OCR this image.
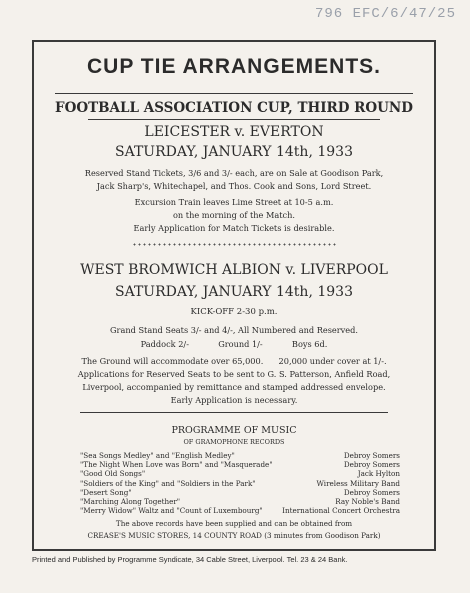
796 EFC/6/47/25
CUP TIE ARRANGEMENTS.
FOOTBALL ASSOCIATION CUP, THIRD ROUND
LEICESTER v. EVERTON
SATURDAY, JANUARY 14th, 1933
Reserved Stand Tickets, 3/6 and 3/- each, are on Sale at Goodison Park,
Jack Sharp's, Whitechapel, and Thos. Cook and Sons, Lord Street.
Excursion Train leaves Lime Street at 10-5 a.m.
on the morning of the Match.
Early Application for Match Tickets is desirable.
WEST BROMWICH ALBION v. LIVERPOOL
SATURDAY, JANUARY 14th, 1933
KICK-OFF 2-30 p.m.
Grand Stand Seats 3/- and 4/-, All Numbered and Reserved.
Paddock 2/-	Ground 1/-	Boys 6d.
The Ground will accommodate over 65,000. 20,000 under cover at 1/-.
Applications for Reserved Seats to be sent to G. S. Patterson, Anfield Road,
Liverpool, accompanied by remittance and stamped addressed envelope.
Early Application is necessary.
PROGRAMME OF MUSIC
OF GRAMOPHONE RECORDS
"Sea Songs Medley" and "English Medley"	Debroy Somers
"The Night When Love was Born" and "Masquerade"	Debroy Somers
"Good Old Songs"	Jack Hylton
"Soldiers of the King" and "Soldiers in the Park"	Wireless Military Band
"Desert Song"	Debroy Somers
"Marching Along Together"	Ray Noble's Band
"Merry Widow" Waltz and "Count of Luxembourg"	International Concert Orchestra
The above records have been supplied and can be obtained from
CREASE'S MUSIC STORES, 14 COUNTY ROAD (3 minutes from Goodison Park)
Printed and Published by Programme Syndicate, 34 Cable Street, Liverpool. Tel. 23 & 24 Bank.
